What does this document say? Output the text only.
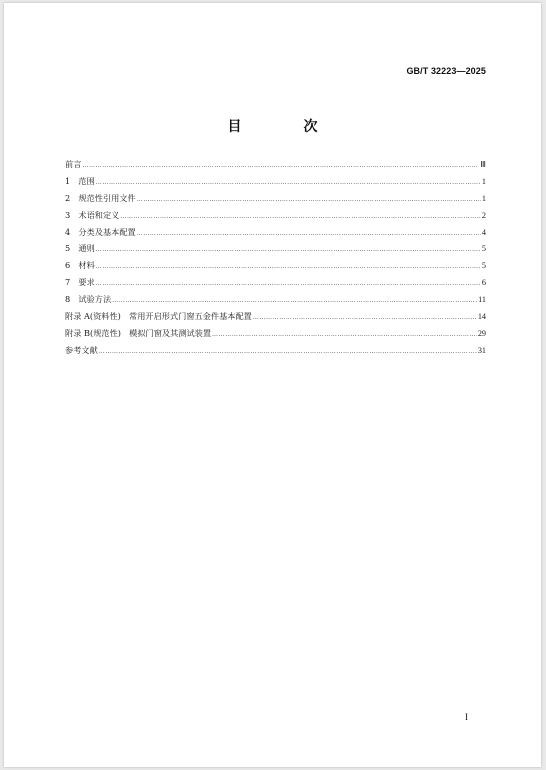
GB/T 32223—2025
目　次
前言 ……………………………………………………………………………………………………………………………………………………………………………………	Ⅲ
1　范围 ……………………………………………………………………………………………………………………………………………………………………………………	1
2　规范性引用文件 ……………………………………………………………………………………………………………………………………………………………………………………	1
3　术语和定义 ……………………………………………………………………………………………………………………………………………………………………………………	2
4　分类及基本配置 ……………………………………………………………………………………………………………………………………………………………………………………	4
5　通则 ……………………………………………………………………………………………………………………………………………………………………………………	5
6　材料 ……………………………………………………………………………………………………………………………………………………………………………………	5
7　要求 ……………………………………………………………………………………………………………………………………………………………………………………	6
8　试验方法 ……………………………………………………………………………………………………………………………………………………………………………………	11
附录 A(资料性)　常用开启形式门窗五金件基本配置 ……………………………………………………………………………………………………………………………………………………………………………………	14
附录 B(规范性)　模拟门窗及其测试装置 ……………………………………………………………………………………………………………………………………………………………………………………	29
参考文献 ……………………………………………………………………………………………………………………………………………………………………………………	31
I
